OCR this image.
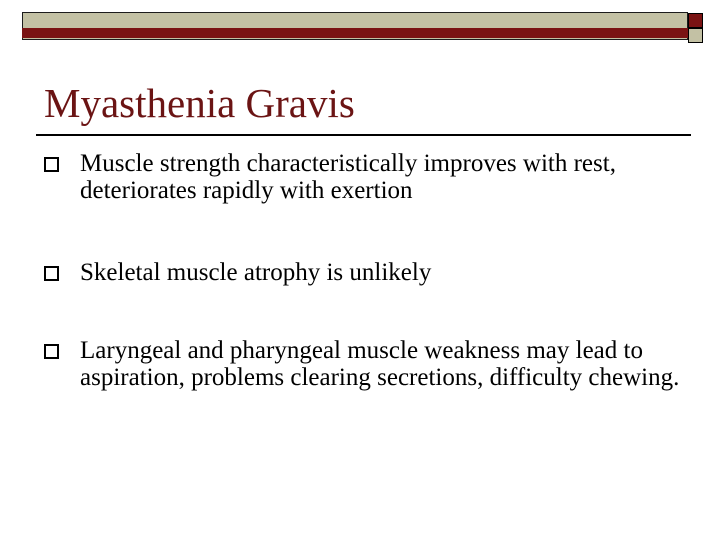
Myasthenia Gravis
Muscle strength characteristically improves with rest, deteriorates rapidly with exertion
Skeletal muscle atrophy is unlikely
Laryngeal and pharyngeal muscle weakness may lead to aspiration, problems clearing secretions, difficulty chewing.
